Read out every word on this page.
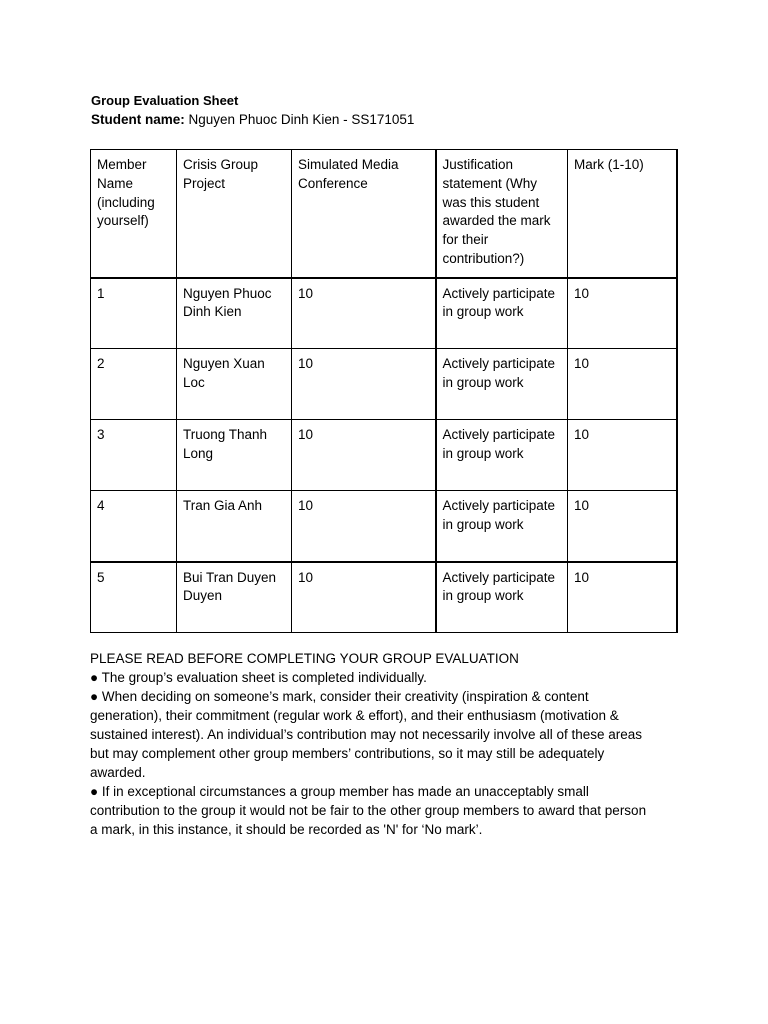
Group Evaluation Sheet
Student name: Nguyen Phuoc Dinh Kien - SS171051
Member Name (including yourself)	Crisis Group Project	Simulated Media Conference	Justification statement (Why was this student awarded the mark for their contribution?)	Mark (1-10)
1	Nguyen Phuoc Dinh Kien	10	Actively participate in group work	10
2	Nguyen Xuan Loc	10	Actively participate in group work	10
3	Truong Thanh Long	10	Actively participate in group work	10
4	Tran Gia Anh	10	Actively participate in group work	10
5	Bui Tran Duyen Duyen	10	Actively participate in group work	10

PLEASE READ BEFORE COMPLETING YOUR GROUP EVALUATION

● The group’s evaluation sheet is completed individually.

● When deciding on someone’s mark, consider their creativity (inspiration & content generation), their commitment (regular work & effort), and their enthusiasm (motivation & sustained interest). An individual’s contribution may not necessarily involve all of these areas but may complement other group members’ contributions, so it may still be adequately awarded.

● If in exceptional circumstances a group member has made an unacceptably small contribution to the group it would not be fair to the other group members to award that person a mark, in this instance, it should be recorded as 'N' for ‘No mark’.
